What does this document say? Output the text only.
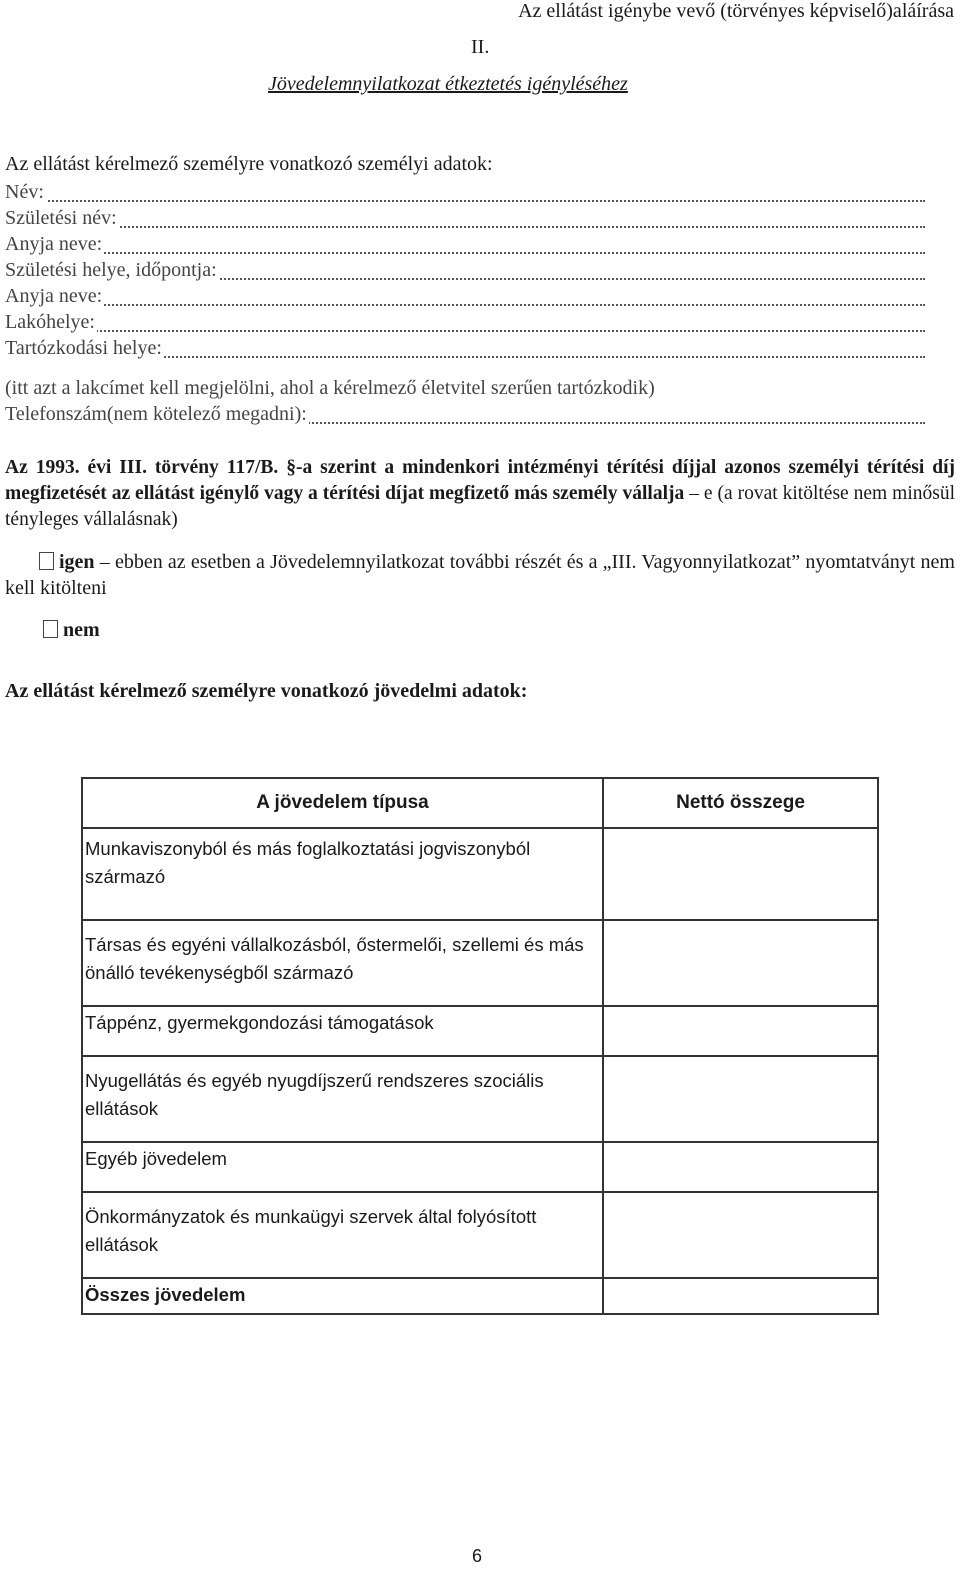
Az ellátást igénybe vevő (törvényes képviselő)aláírása
II.
Jövedelemnyilatkozat étkeztetés igényléséhez
Az ellátást kérelmező személyre vonatkozó személyi adatok:
Név:
Születési név:
Anyja neve:
Születési helye, időpontja:
Anyja neve:
Lakóhelye:
Tartózkodási helye:
(itt azt a lakcímet kell megjelölni, ahol a kérelmező életvitel szerűen tartózkodik)
Telefonszám(nem kötelező megadni):
Az 1993. évi III. törvény 117/B. §-a szerint a mindenkori intézményi térítési díjjal azonos személyi térítési díj megfizetését az ellátást igénylő vagy a térítési díjat megfizető más személy vállalja – e (a rovat kitöltése nem minősül tényleges vállalásnak)
igen – ebben az esetben a Jövedelemnyilatkozat további részét és a „III. Vagyonnyilatkozat” nyomtatványt nem kell kitölteni
nem
Az ellátást kérelmező személyre vonatkozó jövedelmi adatok:
A jövedelem típusa	Nettó összege
Munkaviszonyból és más foglalkoztatási jogviszonyból származó	
Társas és egyéni vállalkozásból, őstermelői, szellemi és más önálló tevékenységből származó	
Táppénz, gyermekgondozási támogatások	
Nyugellátás és egyéb nyugdíjszerű rendszeres szociális ellátások	
Egyéb jövedelem	
Önkormányzatok és munkaügyi szervek által folyósított ellátások	
Összes jövedelem	
6
